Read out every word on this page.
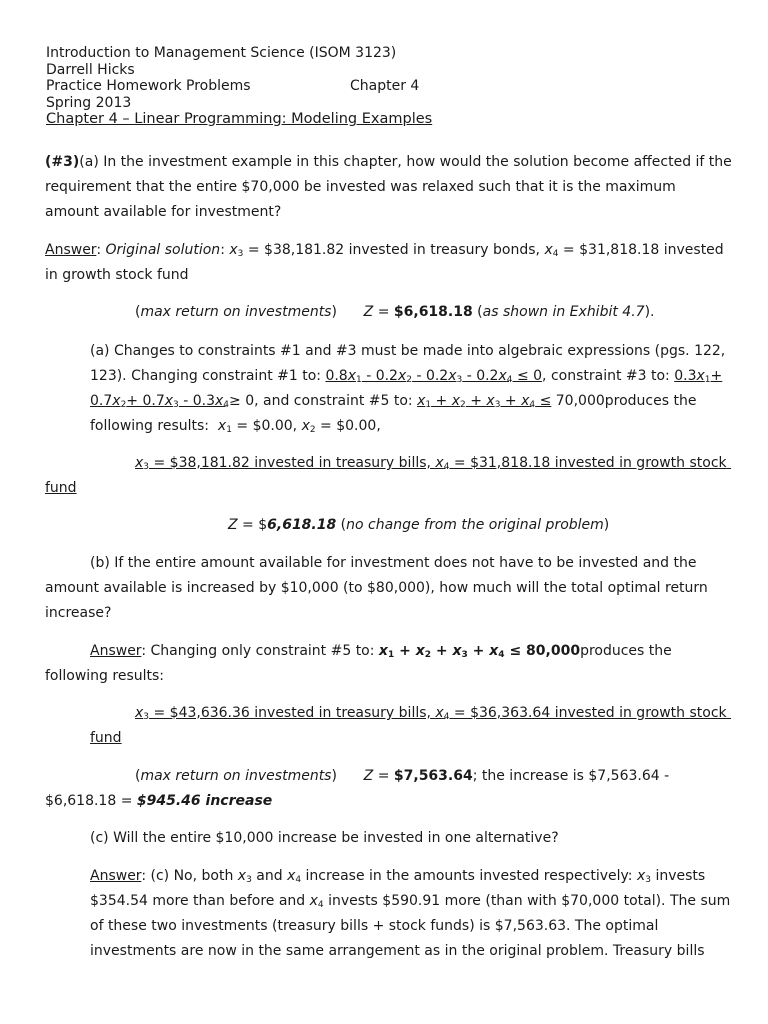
Introduction to Management Science (ISOM 3123)
Darrell Hicks
Practice Homework Problems	Chapter 4
Spring 2013
Chapter 4 – Linear Programming: Modeling Examples
(#3)(a) In the investment example in this chapter, how would the solution become affected if the
requirement that the entire $70,000 be invested was relaxed such that it is the maximum
amount available for investment?
Answer: Original solution: $x_3$ = $38,181.82 invested in treasury bonds, $x_4$ = $31,818.18 invested
in growth stock fund
(max return on investments)      Z = $6,618.18 (as shown in Exhibit 4.7).
(a) Changes to constraints #1 and #3 must be made into algebraic expressions (pgs. 122,
123). Changing constraint #1 to: $0.8x_1 - 0.2x_2 - 0.2x_3 - 0.2x_4 \le 0$, constraint #3 to: $0.3x_1+$
$0.7x_2+ 0.7x_3 - 0.3x_4\ge 0$, and constraint #5 to: $x_1 + x_2 + x_3 + x_4$ ≤ 70,000produces the
following results: $x_1$ = $0.00, $x_2$ = $0.00,
$x_3$ = $38,181.82 invested in treasury bills, $x_4$ = $31,818.18 invested in growth stock
fund
Z = $6,618.18 (no change from the original problem)
(b) If the entire amount available for investment does not have to be invested and the
amount available is increased by $10,000 (to $80,000), how much will the total optimal return
increase?
Answer: Changing only constraint #5 to: $x_1 + x_2 + x_3 + x_4$ ≤ 80,000produces the
following results:
$x_3$ = $43,636.36 invested in treasury bills, $x_4$ = $36,363.64 invested in growth stock
fund
(max return on investments)      Z = $7,563.64; the increase is $7,563.64 -
$6,618.18 = $945.46 increase
(c) Will the entire $10,000 increase be invested in one alternative?
Answer: (c) No, both $x_3$ and $x_4$ increase in the amounts invested respectively: $x_3$ invests
$354.54 more than before and $x_4$ invests $590.91 more (than with $70,000 total). The sum
of these two investments (treasury bills + stock funds) is $7,563.63. The optimal
investments are now in the same arrangement as in the original problem. Treasury bills
